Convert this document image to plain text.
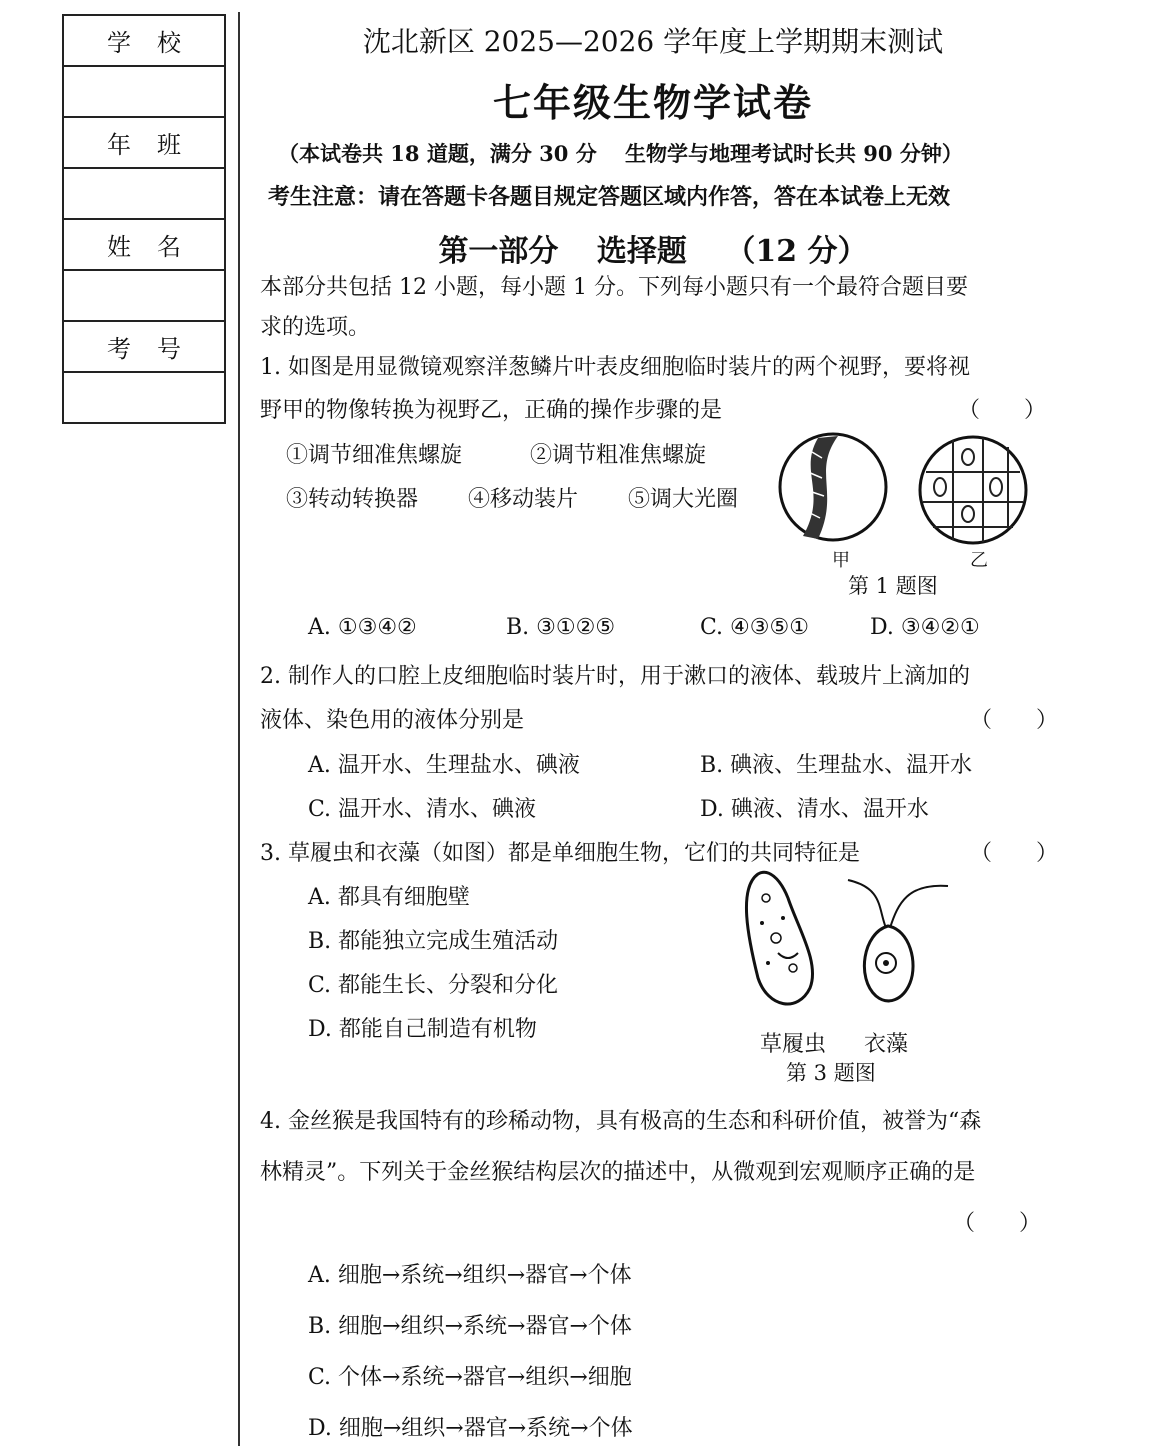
学校
年班
姓名
考号
沈北新区 2025—2026 学年度上学期期末测试
七年级生物学试卷
（本试卷共 18 道题，满分 30 分　 生物学与地理考试时长共 90 分钟）
考生注意：请在答题卡各题目规定答题区域内作答，答在本试卷上无效
第一部分 选择题 （12 分）
本部分共包括 12 小题，每小题 1 分。下列每小题只有一个最符合题目要
求的选项。
1. 如图是用显微镜观察洋葱鳞片叶表皮细胞临时装片的两个视野，要将视
野甲的物像转换为视野乙，正确的操作步骤的是	（　　）
①调节细准焦螺旋	②调节粗准焦螺旋
③转动转换器 ④移动装片 ⑤调大光圈
甲	乙
第 1 题图
A. ①③④②	B. ③①②⑤	C. ④③⑤①	D. ③④②①
2. 制作人的口腔上皮细胞临时装片时，用于漱口的液体、载玻片上滴加的
液体、染色用的液体分别是	（　　）
A. 温开水、生理盐水、碘液	B. 碘液、生理盐水、温开水
C. 温开水、清水、碘液	D. 碘液、清水、温开水
3. 草履虫和衣藻（如图）都是单细胞生物，它们的共同特征是	（　　）
A. 都具有细胞壁
B. 都能独立完成生殖活动
C. 都能生长、分裂和分化
D. 都能自己制造有机物
草履虫 衣藻
第 3 题图
4. 金丝猴是我国特有的珍稀动物，具有极高的生态和科研价值，被誉为“森
林精灵”。下列关于金丝猴结构层次的描述中，从微观到宏观顺序正确的是
（　　）
A. 细胞→系统→组织→器官→个体
B. 细胞→组织→系统→器官→个体
C. 个体→系统→器官→组织→细胞
D. 细胞→组织→器官→系统→个体
